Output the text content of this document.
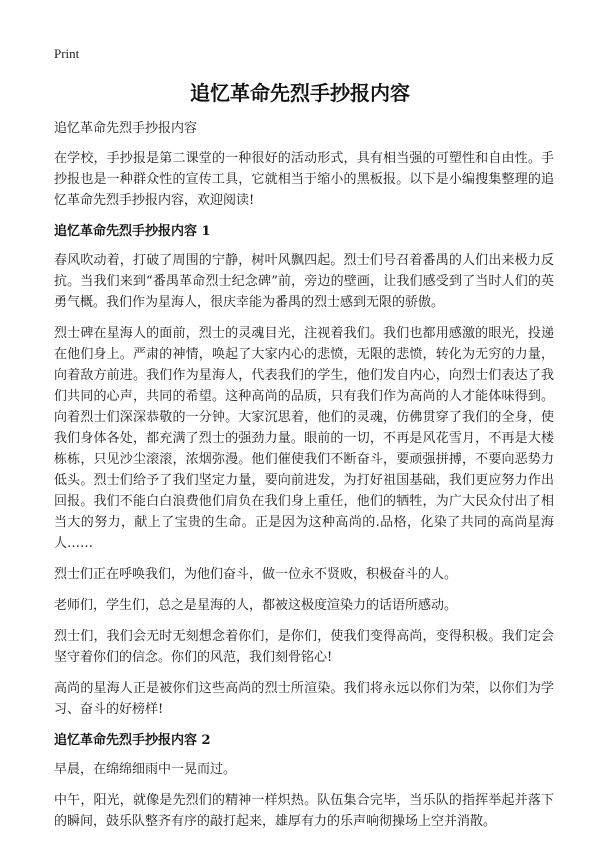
Print
追忆革命先烈手抄报内容

追忆革命先烈手抄报内容

在学校，手抄报是第二课堂的一种很好的活动形式，具有相当强的可塑性和自由性。手抄报也是一种群众性的宣传工具，它就相当于缩小的黑板报。以下是小编搜集整理的追忆革命先烈手抄报内容，欢迎阅读!

追忆革命先烈手抄报内容 1

春风吹动着，打破了周围的宁静，树叶风飘四起。烈士们号召着番禺的人们出来极力反抗。当我们来到“番禺革命烈士纪念碑”前，旁边的壁画，让我们感受到了当时人们的英勇气概。我们作为星海人，很庆幸能为番禺的烈士感到无限的骄傲。

烈士碑在星海人的面前，烈士的灵魂目光，注视着我们。我们也都用感激的眼光，投递在他们身上。严肃的神情，唤起了大家内心的悲愤，无限的悲愤，转化为无穷的力量，向着敌方前进。我们作为星海人，代表我们的学生，他们发自内心，向烈士们表达了我们共同的心声，共同的希望。这种高尚的品质，只有我们作为高尚的人才能体味得到。向着烈士们深深恭敬的一分钟。大家沉思着，他们的灵魂，仿佛贯穿了我们的全身，使我们身体各处，都充满了烈士的强劲力量。眼前的一切，不再是风花雪月，不再是大楼栋栋，只见沙尘滚滚，浓烟弥漫。他们催使我们不断奋斗，要顽强拼搏，不要向恶势力低头。烈士们给予了我们坚定力量，要向前进发，为打好祖国基础，我们更应努力作出回报。我们不能白白浪费他们肩负在我们身上重任，他们的牺牲，为广大民众付出了相当大的努力，献上了宝贵的生命。正是因为这种高尚的.品格，化染了共同的高尚星海人……

烈士们正在呼唤我们，为他们奋斗，做一位永不贤败，积极奋斗的人。

老师们，学生们，总之是星海的人，都被这极度渲染力的话语所感动。

烈士们，我们会无时无刻想念着你们，是你们，使我们变得高尚，变得积极。我们定会坚守着你们的信念。你们的风范，我们刻骨铭心!

高尚的星海人正是被你们这些高尚的烈士所渲染。我们将永远以你们为荣，以你们为学习、奋斗的好榜样!

追忆革命先烈手抄报内容 2

早晨，在绵绵细雨中一晃而过。

中午，阳光，就像是先烈们的精神一样炽热。队伍集合完毕，当乐队的指挥举起并落下的瞬间，鼓乐队整齐有序的敲打起来，雄厚有力的乐声响彻操场上空并消散。
